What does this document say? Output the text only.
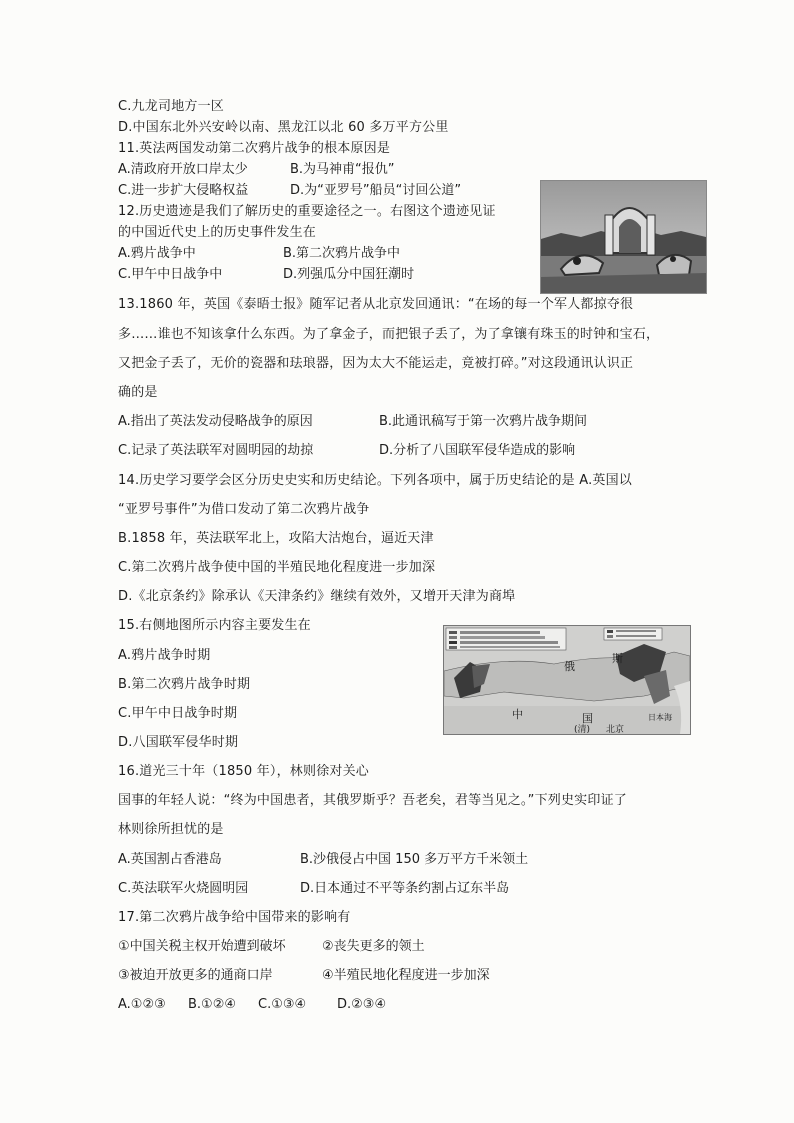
C.九龙司地方一区
D.中国东北外兴安岭以南、黑龙江以北 60 多万平方公里
11.英法两国发动第二次鸦片战争的根本原因是
A.清政府开放口岸太少	B.为马神甫“报仇”
C.进一步扩大侵略权益	D.为“亚罗号”船员“讨回公道”
12.历史遗迹是我们了解历史的重要途径之一。右图这个遗迹见证
的中国近代史上的历史事件发生在
A.鸦片战争中	B.第二次鸦片战争中
C.甲午中日战争中	D.列强瓜分中国狂潮时
13.1860 年，英国《泰晤士报》随军记者从北京发回通讯：“在场的每一个军人都掠夺很
多……谁也不知该拿什么东西。为了拿金子，而把银子丢了，为了拿镶有珠玉的时钟和宝石，
又把金子丢了，无价的瓷器和珐琅器，因为太大不能运走，竟被打碎。”对这段通讯认识正
确的是
A.指出了英法发动侵略战争的原因	B.此通讯稿写于第一次鸦片战争期间
C.记录了英法联军对圆明园的劫掠	D.分析了八国联军侵华造成的影响
14.历史学习要学会区分历史史实和历史结论。下列各项中，属于历史结论的是 A.英国以
“亚罗号事件”为借口发动了第二次鸦片战争
B.1858 年，英法联军北上，攻陷大沽炮台，逼近天津
C.第二次鸦片战争使中国的半殖民地化程度进一步加深
D.《北京条约》除承认《天津条约》继续有效外，又增开天津为商埠
15.右侧地图所示内容主要发生在
A.鸦片战争时期
B.第二次鸦片战争时期
C.甲午中日战争时期
D.八国联军侵华时期
16.道光三十年（1850 年），林则徐对关心
国事的年轻人说：“终为中国患者，其俄罗斯乎？吾老矣，君等当见之。”下列史实印证了
林则徐所担忧的是
A.英国割占香港岛	B.沙俄侵占中国 150 多万平方千米领土
C.英法联军火烧圆明园	D.日本通过不平等条约割占辽东半岛
17.第二次鸦片战争给中国带来的影响有
①中国关税主权开始遭到破坏	②丧失更多的领土
③被迫开放更多的通商口岸	④半殖民地化程度进一步加深
A.①②③ B.①②④ C.①③④ D.②③④
俄
斯
中	国
(清) 北京
日本海
